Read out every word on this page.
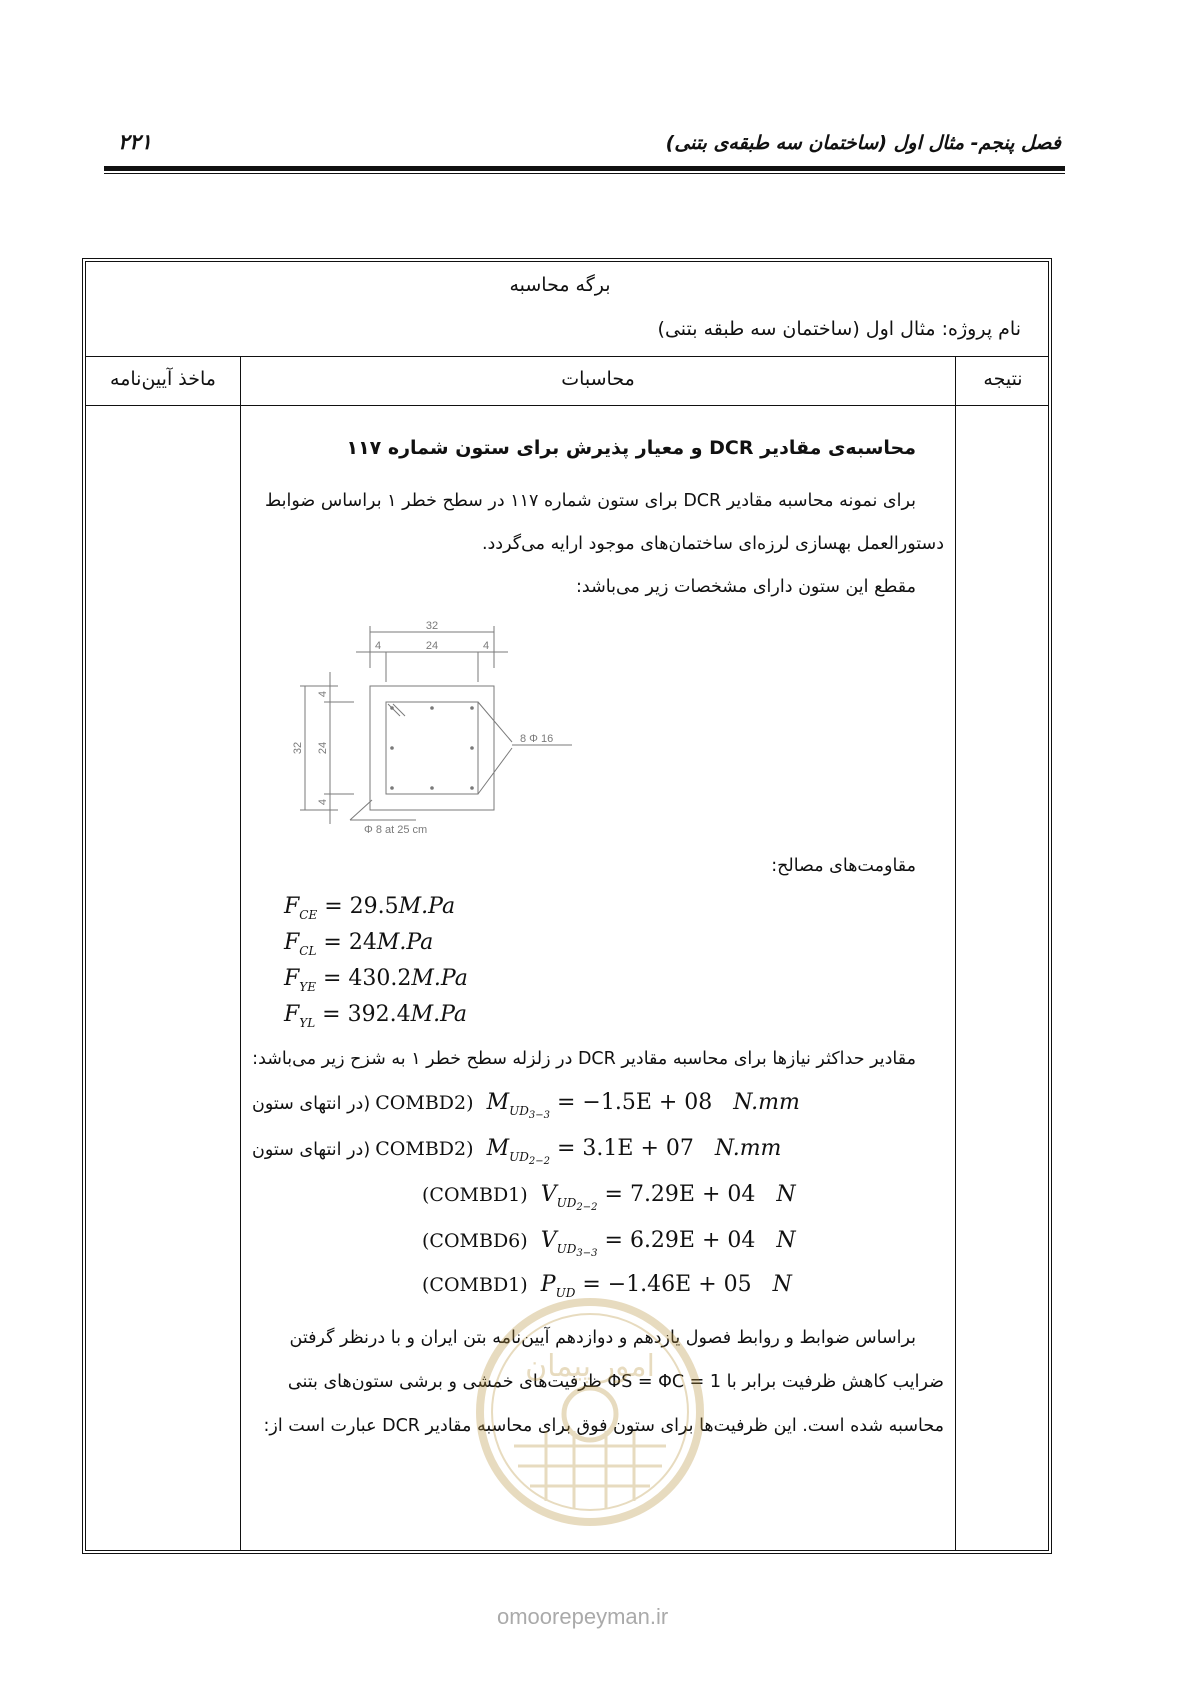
فصل پنجم- مثال اول (ساختمان سه طبقه‌ی بتنی)
۲۲۱
برگه محاسبه
نام پروژه: مثال اول (ساختمان سه طبقه بتنی)
نتیجه
محاسبات
ماخذ آیین‌نامه
محاسبه‌ی مقادیر DCR و معیار پذیرش برای ستون شماره ۱۱۷
برای نمونه محاسبه مقادیر DCR برای ستون شماره ۱۱۷ در سطح خطر ۱ براساس ضوابط
دستورالعمل بهسازی لرزه‌ای ساختمان‌های موجود ارایه می‌گردد.
مقطع این ستون دارای مشخصات زیر می‌باشد:
32
4	24	4
32
4
24
4
8 Φ 16
Φ 8 at 25 cm
مقاومت‌های مصالح:
$F_{CE} = 29.5M.Pa$
$F_{CL} = 24M.Pa$
$F_{YE} = 430.2M.Pa$
$F_{YL} = 392.4M.Pa$
مقادیر حداکثر نیازها برای محاسبه مقادیر DCR در زلزله سطح خطر ۱ به شزح زیر می‌باشد:
(در انتهای ستون COMBD2) $M_{UD3-3} = -1.5E + 08$ N.mm
(در انتهای ستون COMBD2) $M_{UD2-2} = 3.1E + 07$ N.mm
(COMBD1) $V_{UD2-2} = 7.29E + 04$ N
(COMBD6) $V_{UD3-3} = 6.29E + 04$ N
(COMBD1) $P_{UD} = -1.46E + 05$ N
براساس ضوابط و روابط فصول یازدهم و دوازدهم آیین‌نامه بتن ایران و با درنظر گرفتن
ضرایب کاهش ظرفیت برابر با ΦS = ΦC = 1 ظرفیت‌های خمشی و برشی ستون‌های بتنی
محاسبه شده است. این ظرفیت‌ها برای ستون فوق برای محاسبه مقادیر DCR عبارت است از:
امور پیمان
omoorepeyman.ir
